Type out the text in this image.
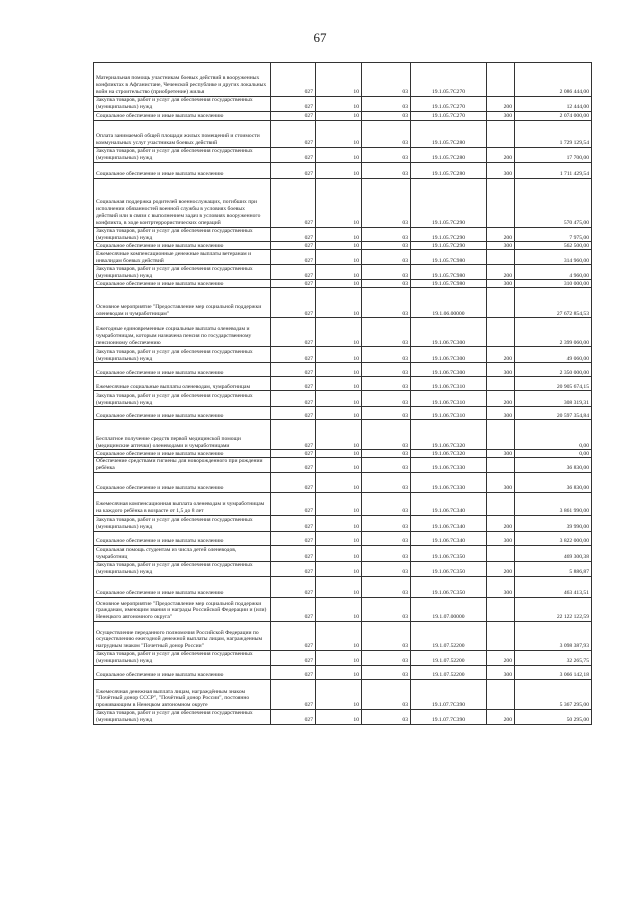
67
Материальная помощь участникам боевых действий в вооруженных конфликтах в Афганистане, Чеченской республике и других локальных войн на строительство (приобретение) жилья	027	10	03	19.1.05.7С270		2 086 444,00
Закупка товаров, работ и услуг для обеспечения государственных (муниципальных) нужд	027	10	03	19.1.05.7С270	200	12 444,00
Социальное обеспечение и иные выплаты населению	027	10	03	19.1.05.7С270	300	2 074 000,00
Оплата занимаемой общей площади жилых помещений и стоимости коммунальных услуг участникам боевых действий	027	10	03	19.1.05.7С280		1 729 129,54
Закупка товаров, работ и услуг для обеспечения государственных (муниципальных) нужд	027	10	03	19.1.05.7С280	200	17 700,00
Социальное обеспечение и иные выплаты населению	027	10	03	19.1.05.7С280	300	1 711 429,54
Социальная поддержка родителей военнослужащих, погибших при исполнении обязанностей военной службы в условиях боевых действий или в связи с выполнением задач в условиях вооруженного конфликта, в ходе контртеррористических операций	027	10	03	19.1.05.7С290		570 475,00
Закупка товаров, работ и услуг для обеспечения государственных (муниципальных) нужд	027	10	03	19.1.05.7С290	200	7 975,00
Социальное обеспечение и иные выплаты населению	027	10	03	19.1.05.7С290	300	562 500,00
Ежемесячные компенсационные денежные выплаты ветеранам и инвалидам боевых действий	027	10	03	19.1.05.7С980		314 960,00
Закупка товаров, работ и услуг для обеспечения государственных (муниципальных) нужд	027	10	03	19.1.05.7С980	200	4 960,00
Социальное обеспечение и иные выплаты населению	027	10	03	19.1.05.7С980	300	310 000,00
Основное мероприятие "Предоставление мер социальной поддержки оленеводам и чумработницам"	027	10	03	19.1.06.00000		27 672 854,53
Ежегодные единовременные социальные выплаты оленеводам и чумработницам, которым назначена пенсия по государственному пенсионному обеспечению	027	10	03	19.1.06.7С300		2 399 060,00
Закупка товаров, работ и услуг для обеспечения государственных (муниципальных) нужд	027	10	03	19.1.06.7С300	200	49 060,00
Социальное обеспечение и иные выплаты населению	027	10	03	19.1.06.7С300	300	2 350 000,00
Ежемесячные социальные выплаты оленеводам, чумработницам	027	10	03	19.1.06.7С310		20 905 674,15
Закупка товаров, работ и услуг для обеспечения государственных (муниципальных) нужд	027	10	03	19.1.06.7С310	200	308 319,31
Социальное обеспечение и иные выплаты населению	027	10	03	19.1.06.7С310	300	20 597 354,84
Бесплатное получение средств первой медицинской помощи (медицинские аптечки) оленеводами и чумработницами	027	10	03	19.1.06.7С320		0,00
Социальное обеспечение и иные выплаты населению	027	10	03	19.1.06.7С320	300	0,00
Обеспечение средствами гигиены для новорожденного при рождении ребёнка	027	10	03	19.1.06.7С330		36 830,00
Социальное обеспечение и иные выплаты населению	027	10	03	19.1.06.7С330	300	36 830,00
Ежемесячная компенсационная выплата оленеводам и чумработницам на каждого ребёнка в возрасте от 1,5 до 8 лет	027	10	03	19.1.06.7С340		3 861 990,00
Закупка товаров, работ и услуг для обеспечения государственных (муниципальных) нужд	027	10	03	19.1.06.7С340	200	39 990,00
Социальное обеспечение и иные выплаты населению	027	10	03	19.1.06.7С340	300	3 822 000,00
Социальная помощь студентам из числа детей оленеводов, чумработниц	027	10	03	19.1.06.7С350		469 300,38
Закупка товаров, работ и услуг для обеспечения государственных (муниципальных) нужд	027	10	03	19.1.06.7С350	200	5 886,87
Социальное обеспечение и иные выплаты населению	027	10	03	19.1.06.7С350	300	463 413,51
Основное мероприятие "Предоставление мер социальной поддержки гражданам, имеющим звания и награды Российской Федерации и (или) Ненецкого автономного округа"	027	10	03	19.1.07.00000		22 122 122,59
Осуществление переданного полномочия Российской Федерации по осуществлению ежегодной денежной выплаты лицам, награжденным нагрудным знаком "Почетный донор России"	027	10	03	19.1.07.52200		3 098 387,93
Закупка товаров, работ и услуг для обеспечения государственных (муниципальных) нужд	027	10	03	19.1.07.52200	200	32 265,75
Социальное обеспечение и иные выплаты населению	027	10	03	19.1.07.52200	300	3 066 142,18
Ежемесячная денежная выплата лицам, награждённым знаком "Почётный донор СССР", "Почётный донор России", постоянно проживающим в Ненецком автономном округе	027	10	03	19.1.07.7С390		5 367 295,00
Закупка товаров, работ и услуг для обеспечения государственных (муниципальных) нужд	027	10	03	19.1.07.7С390	200	50 295,00
